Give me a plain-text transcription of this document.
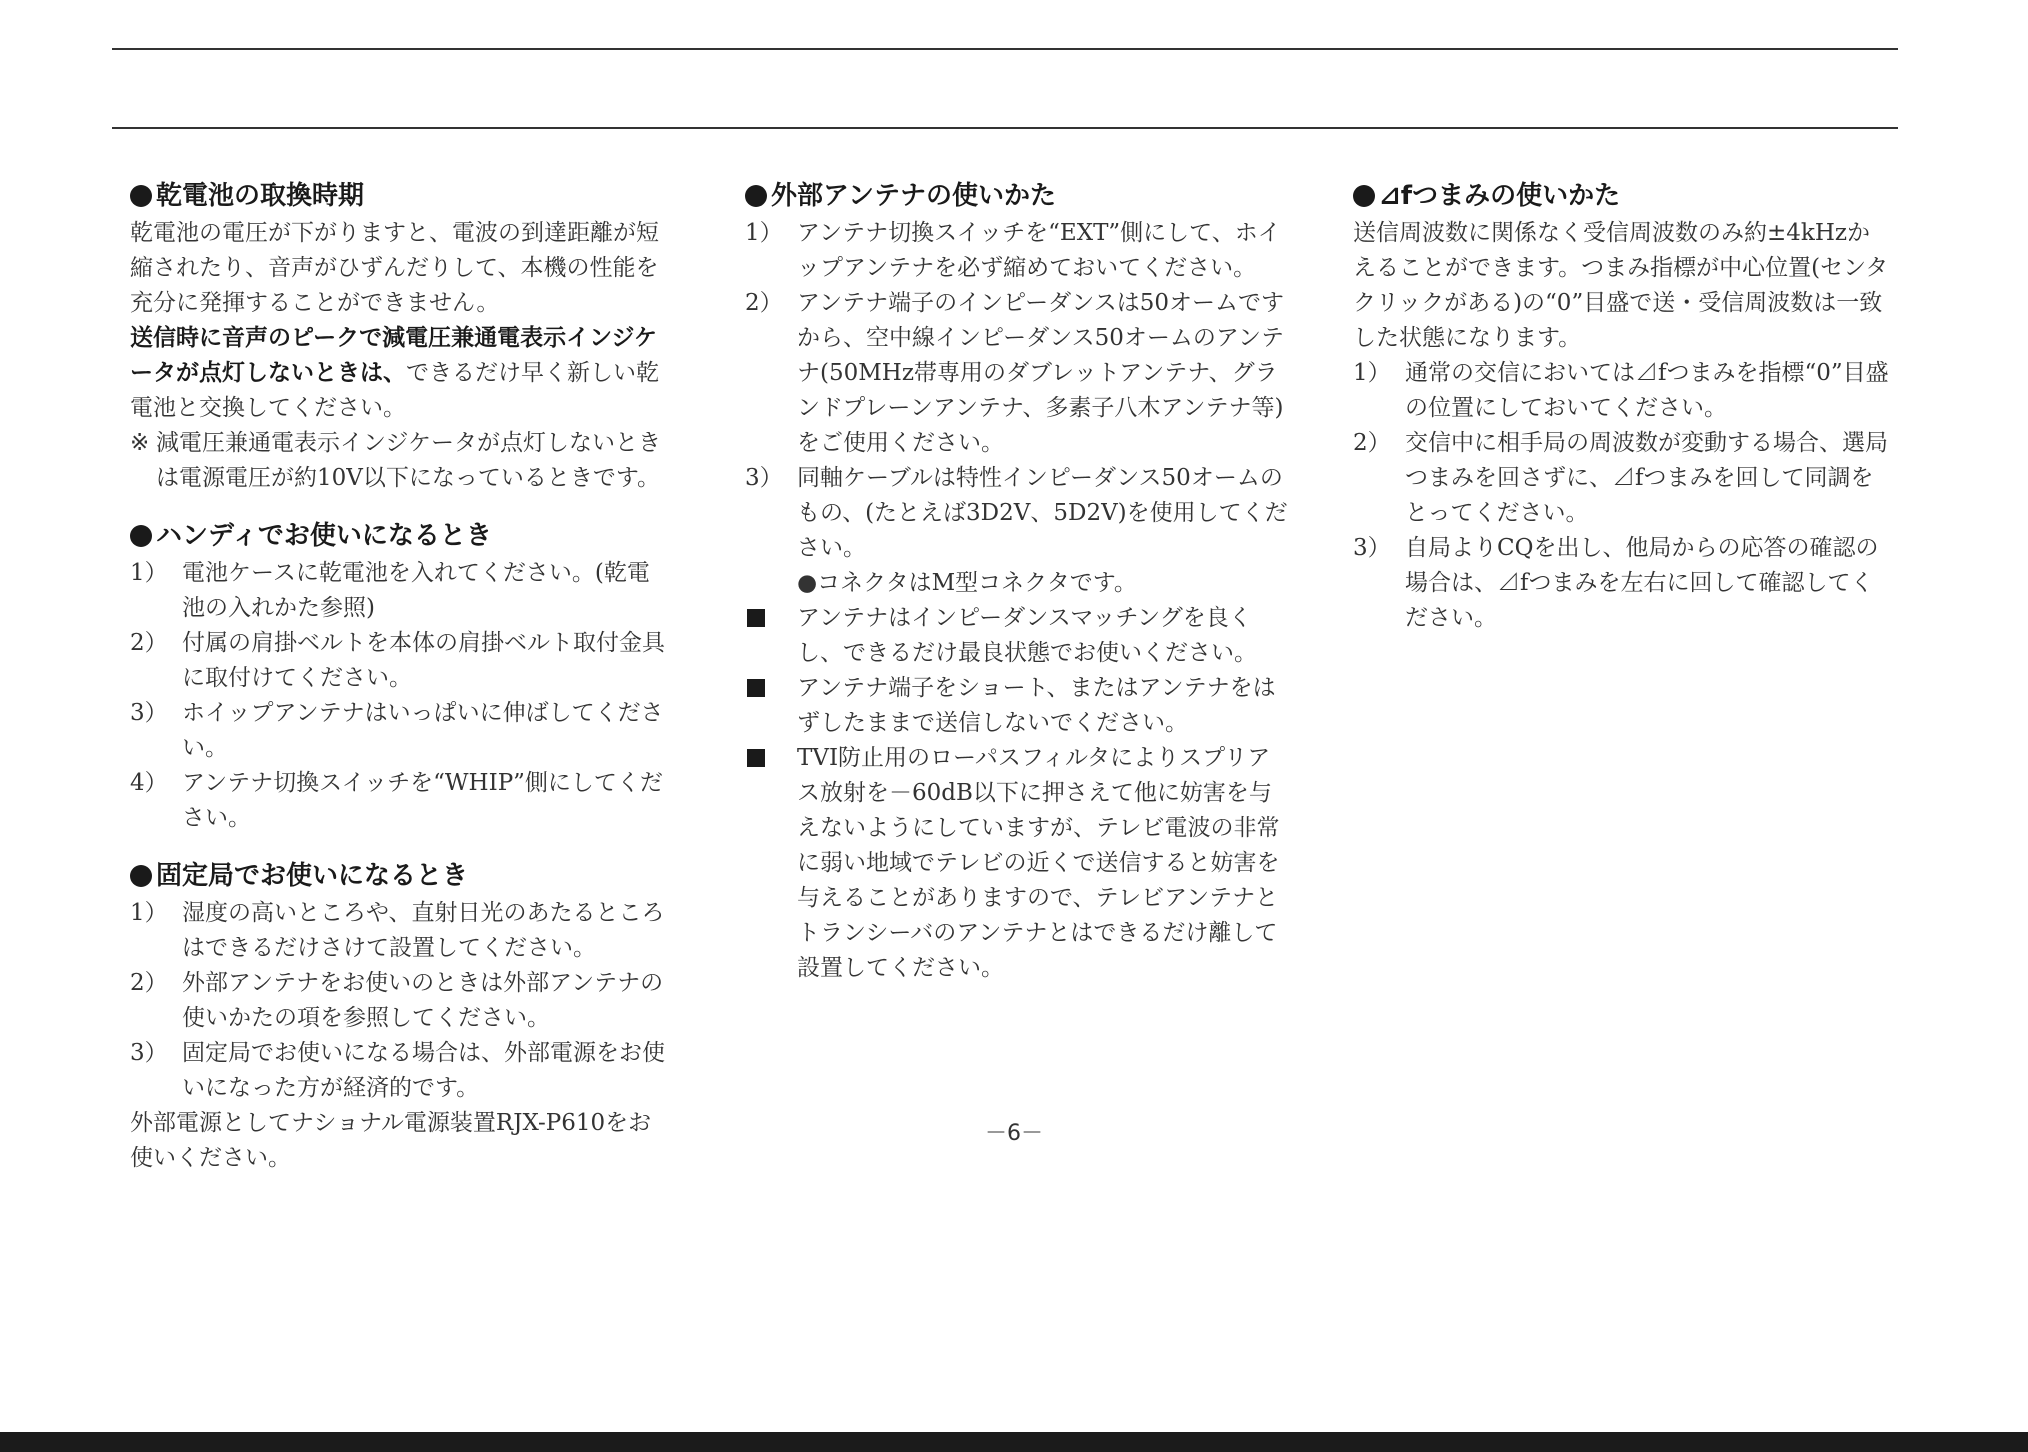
乾電池の取換時期

乾電池の電圧が下がりますと、電波の到達距離が短縮されたり、音声がひずんだりして、本機の性能を充分に発揮することができません。

送信時に音声のピークで減電圧兼通電表示インジケータが点灯しないときは、できるだけ早く新しい乾電池と交換してください。

※ 減電圧兼通電表示インジケータが点灯しないときは電源電圧が約10V以下になっているときです。
ハンディでお使いになるとき
1） 電池ケースに乾電池を入れてください。(乾電池の入れかた参照)
2） 付属の肩掛ベルトを本体の肩掛ベルト取付金具に取付けてください。
3） ホイップアンテナはいっぱいに伸ばしてください。
4） アンテナ切換スイッチを“WHIP”側にしてください。
固定局でお使いになるとき
1） 湿度の高いところや、直射日光のあたるところはできるだけさけて設置してください。
2） 外部アンテナをお使いのときは外部アンテナの使いかたの項を参照してください。
3） 固定局でお使いになる場合は、外部電源をお使いになった方が経済的です。

外部電源としてナショナル電源装置RJX-P610をお使いください。

外部アンテナの使いかた
1） アンテナ切換スイッチを“EXT”側にして、ホイップアンテナを必ず縮めておいてください。
2） アンテナ端子のインピーダンスは50オームですから、空中線インピーダンス50オームのアンテナ(50MHz帯専用のダブレットアンテナ、グランドプレーンアンテナ、多素子八木アンテナ等)をご使用ください。
3） 同軸ケーブルは特性インピーダンス50オームのもの、(たとえば3D2V、5D2V)を使用してください。
●コネクタはM型コネクタです。
アンテナはインピーダンスマッチングを良くし、できるだけ最良状態でお使いください。
アンテナ端子をショート、またはアンテナをはずしたままで送信しないでください。
TVI防止用のローパスフィルタによりスプリアス放射を－60dB以下に押さえて他に妨害を与えないようにしていますが、テレビ電波の非常に弱い地域でテレビの近くで送信すると妨害を与えることがありますので、テレビアンテナとトランシーバのアンテナとはできるだけ離して設置してください。
⊿fつまみの使いかた

送信周波数に関係なく受信周波数のみ約±4kHzかえることができます。つまみ指標が中心位置(センタクリックがある)の“0”目盛で送・受信周波数は一致した状態になります。

1） 通常の交信においては⊿fつまみを指標“0”目盛の位置にしておいてください。
2） 交信中に相手局の周波数が変動する場合、選局つまみを回さずに、⊿fつまみを回して同調をとってください。
3） 自局よりCQを出し、他局からの応答の確認の場合は、⊿fつまみを左右に回して確認してください。
－6－
